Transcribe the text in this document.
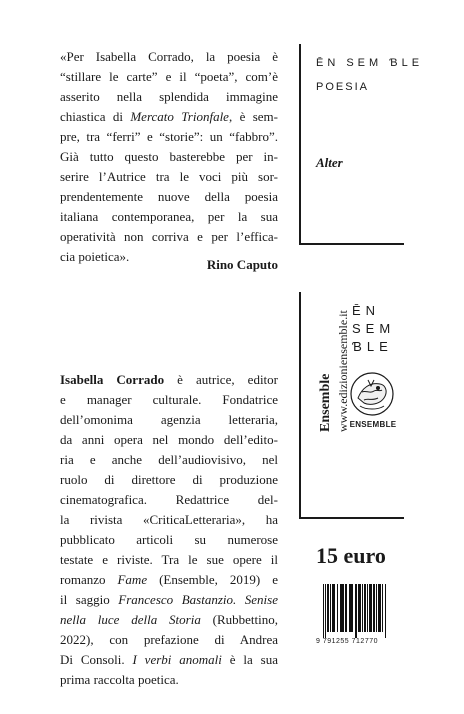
«Per Isabella Corrado, la poesia è
“stillare le carte” e il “poeta”, com’è
asserito nella splendida immagine
chiastica di Mercato Trionfale, è sem-
pre, tra “ferri” e “storie”: un “fabbro”.
Già tutto questo basterebbe per in-
serire l’Autrice tra le voci più sor-
prendentemente nuove della poesia
italiana contemporanea, per la sua
operatività non corriva e per l’effica-
cia poietica».
Rino Caputo
Isabella Corrado è autrice, editor
e manager culturale. Fondatrice
dell’omonima agenzia letteraria,
da anni opera nel mondo dell’edito-
ria e anche dell’audiovisivo, nel
ruolo di direttore di produzione
cinematografica. Redattrice del-
la rivista «CriticaLetteraria», ha
pubblicato articoli su numerose
testate e riviste. Tra le sue opere il
romanzo Fame (Ensemble, 2019) e
il saggio Francesco Bastanzio. Senise
nella luce della Storia (Rubbettino,
2022), con prefazione di Andrea
Di Consoli. I verbi anomali è la sua
prima raccolta poetica.
ĒN SEM ƁLE
POESIA
Alter
Ensemble www.edizioniensemble.it ĒN
SEM
ƁLE
ENSEMBLE
15 euro
9 791255 712770
